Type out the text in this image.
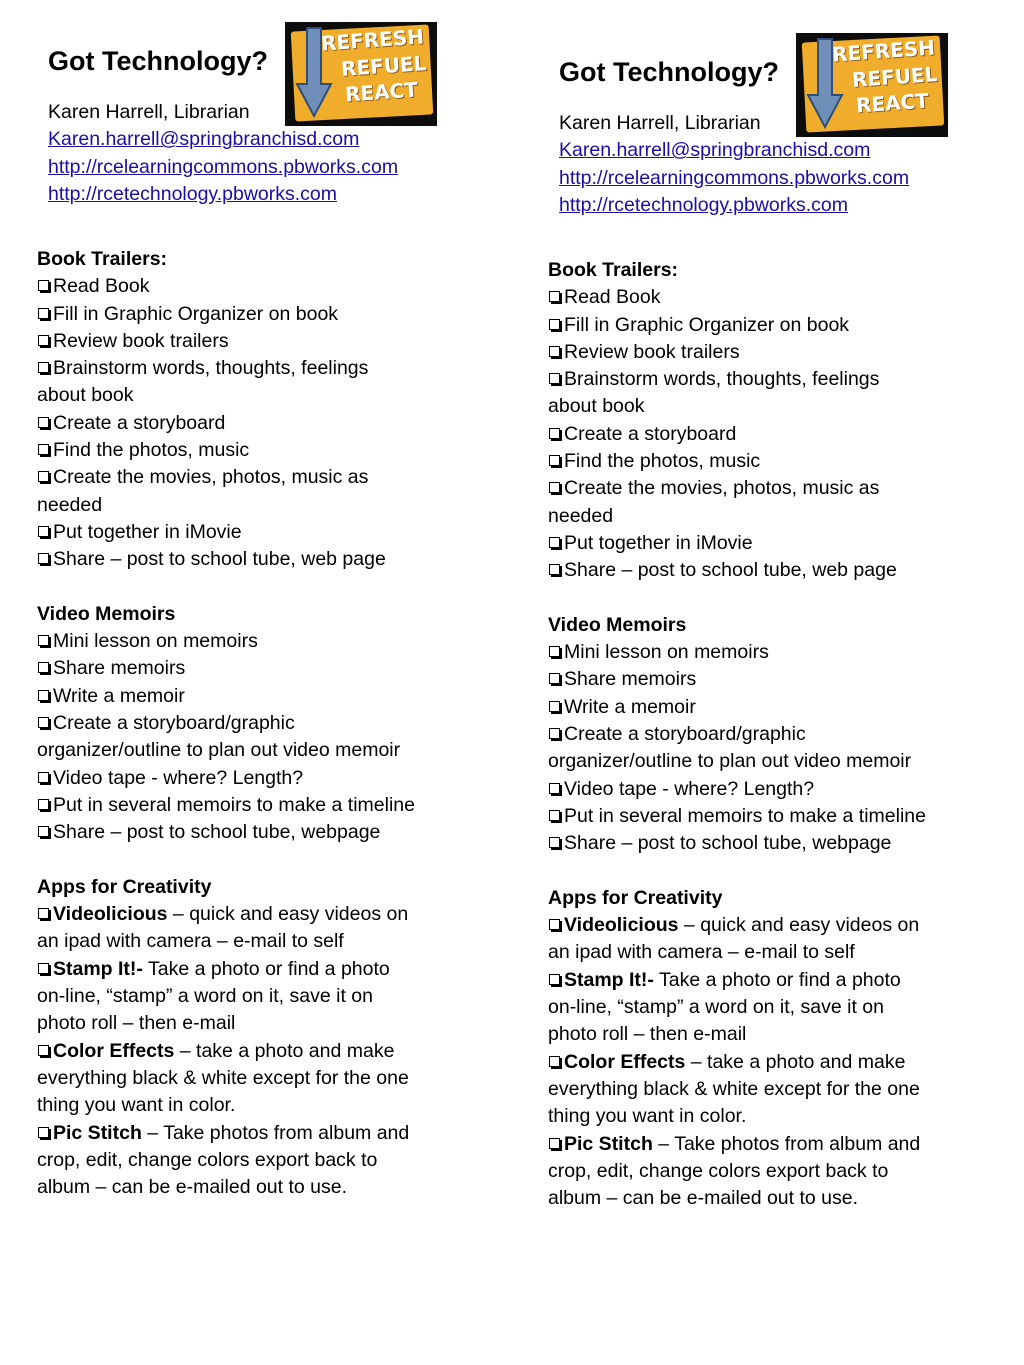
Got Technology?
REFRESH
REFUEL
REACT
Karen Harrell, Librarian
Karen.harrell@springbranchisd.com
http://rcelearningcommons.pbworks.com
http://rcetechnology.pbworks.com
Book Trailers:
Read Book
Fill in Graphic Organizer on book
Review book trailers
Brainstorm words, thoughts, feelings about book
Create a storyboard
Find the photos, music
Create the movies, photos, music as needed
Put together in iMovie
Share – post to school tube, web page
Video Memoirs
Mini lesson on memoirs
Share memoirs
Write a memoir
Create a storyboard/graphic organizer/outline to plan out video memoir
Video tape - where? Length?
Put in several memoirs to make a timeline
Share – post to school tube, webpage
Apps for Creativity
Videolicious – quick and easy videos on an ipad with camera – e-mail to self
Stamp It!- Take a photo or find a photo on-line, “stamp” a word on it, save it on photo roll – then e-mail
Color Effects – take a photo and make everything black & white except for the one thing you want in color.
Pic Stitch – Take photos from album and crop, edit, change colors export back to album – can be e-mailed out to use.
Got Technology?
REFRESH
REFUEL
REACT
Karen Harrell, Librarian
Karen.harrell@springbranchisd.com
http://rcelearningcommons.pbworks.com
http://rcetechnology.pbworks.com
Book Trailers:
Read Book
Fill in Graphic Organizer on book
Review book trailers
Brainstorm words, thoughts, feelings about book
Create a storyboard
Find the photos, music
Create the movies, photos, music as needed
Put together in iMovie
Share – post to school tube, web page
Video Memoirs
Mini lesson on memoirs
Share memoirs
Write a memoir
Create a storyboard/graphic organizer/outline to plan out video memoir
Video tape - where? Length?
Put in several memoirs to make a timeline
Share – post to school tube, webpage
Apps for Creativity
Videolicious – quick and easy videos on an ipad with camera – e-mail to self
Stamp It!- Take a photo or find a photo on-line, “stamp” a word on it, save it on photo roll – then e-mail
Color Effects – take a photo and make everything black & white except for the one thing you want in color.
Pic Stitch – Take photos from album and crop, edit, change colors export back to album – can be e-mailed out to use.
